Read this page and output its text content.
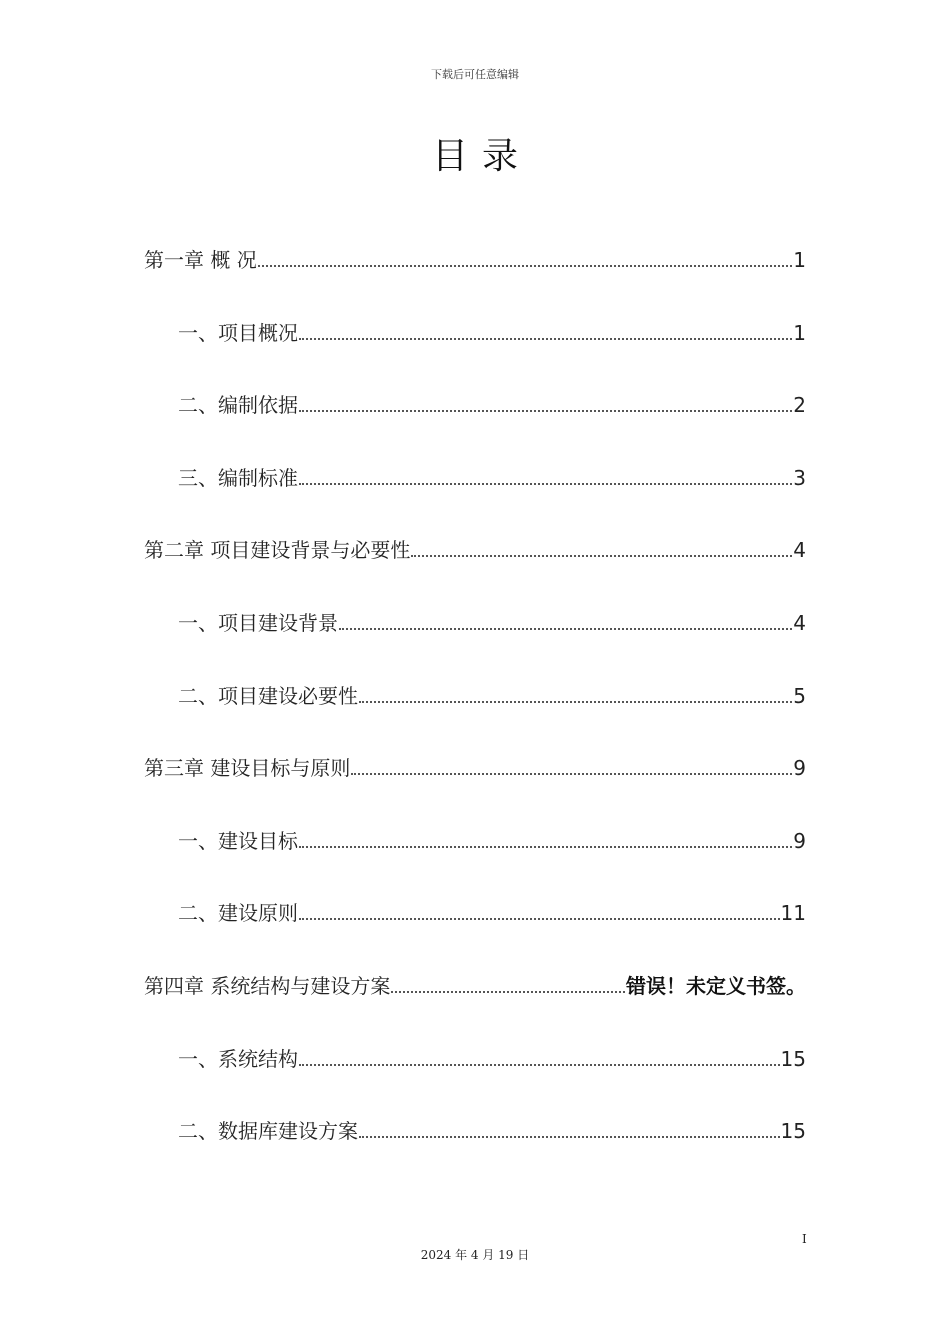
下载后可任意编辑
目录
第一章 概 况	1
一、项目概况	1
二、编制依据	2
三、编制标准	3
第二章 项目建设背景与必要性	4
一、项目建设背景	4
二、项目建设必要性	5
第三章 建设目标与原则	9
一、建设目标	9
二、建设原则	11
第四章 系统结构与建设方案	错误！未定义书签。
一、系统结构	15
二、数据库建设方案	15
I
2024 年 4 月 19 日
